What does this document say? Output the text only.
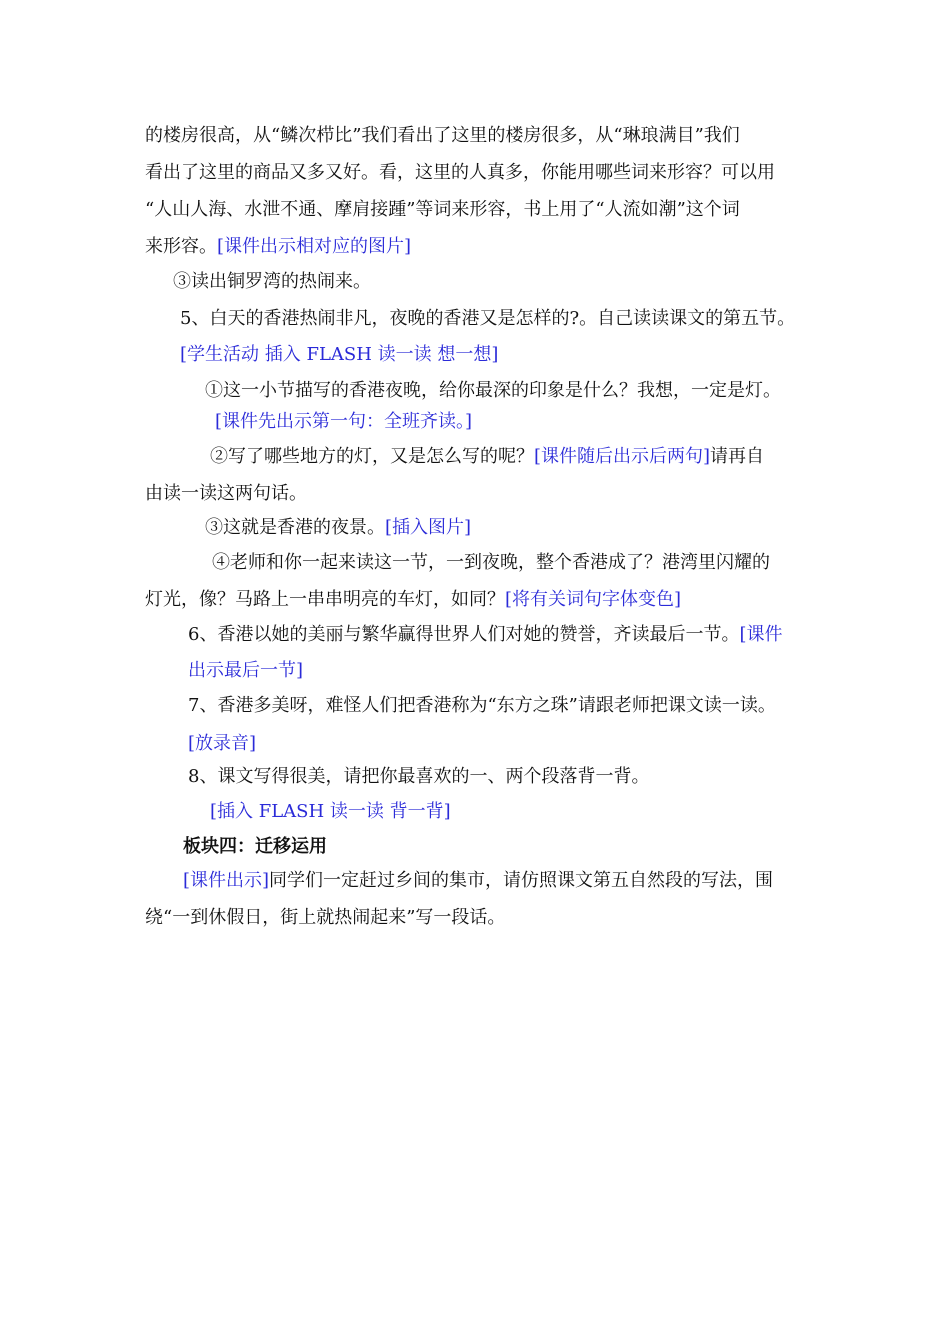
的楼房很高，从“鳞次栉比”我们看出了这里的楼房很多，从“琳琅满目”我们
看出了这里的商品又多又好。看，这里的人真多，你能用哪些词来形容？可以用
“人山人海、水泄不通、摩肩接踵”等词来形容，书上用了“人流如潮”这个词
来形容。[课件出示相对应的图片]
③读出铜罗湾的热闹来。
5、白天的香港热闹非凡，夜晚的香港又是怎样的?。自己读读课文的第五节。
[学生活动 插入 FLASH 读一读 想一想]
①这一小节描写的香港夜晚，给你最深的印象是什么？我想，一定是灯。
[课件先出示第一句：全班齐读。]
②写了哪些地方的灯，又是怎么写的呢？[课件随后出示后两句]请再自
由读一读这两句话。
③这就是香港的夜景。[插入图片]
④老师和你一起来读这一节，一到夜晚，整个香港成了？港湾里闪耀的
灯光，像？马路上一串串明亮的车灯，如同？[将有关词句字体变色]
6、香港以她的美丽与繁华赢得世界人们对她的赞誉，齐读最后一节。[课件
出示最后一节]
7、香港多美呀，难怪人们把香港称为“东方之珠”请跟老师把课文读一读。
[放录音]
8、课文写得很美，请把你最喜欢的一、两个段落背一背。
[插入 FLASH 读一读 背一背]
板块四：迁移运用
[课件出示]同学们一定赶过乡间的集市，请仿照课文第五自然段的写法，围
绕“一到休假日，街上就热闹起来”写一段话。
